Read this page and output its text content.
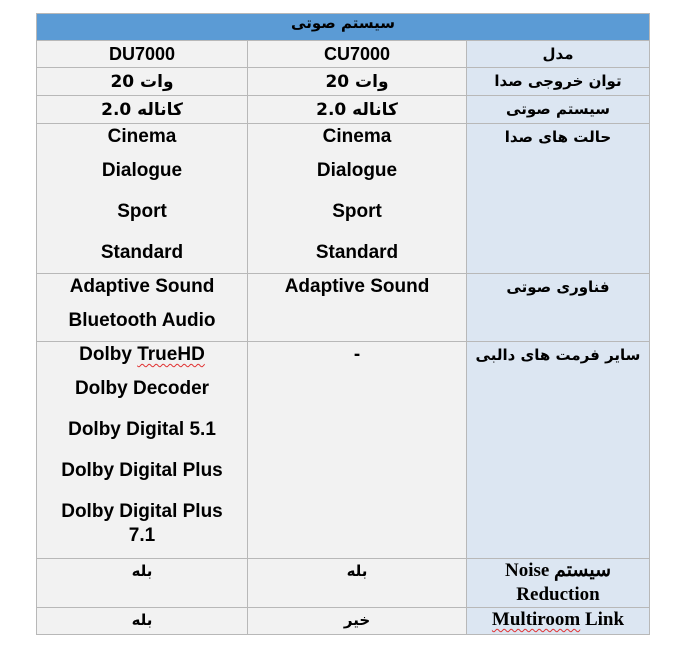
سیستم صوتی		
DU7000	CU7000	مدل
20 وات	20 وات	توان خروجی صدا
2.0 کاناله	2.0 کاناله	سیستم صوتی

Cinema
Dialogue
Sport
Standard	Cinema
Dialogue
Sport
Standard	حالت های صدا

Adaptive Sound
Bluetooth Audio	Adaptive Sound	فناوری صوتی

Dolby TrueHD
Dolby Decoder
Dolby Digital 5.1
Dolby Digital Plus
Dolby Digital Plus 7.1	-	سایر فرمت های دالبی
بله	بله	Noise سیستم
Reduction

بله	خیر	Multiroom Link
